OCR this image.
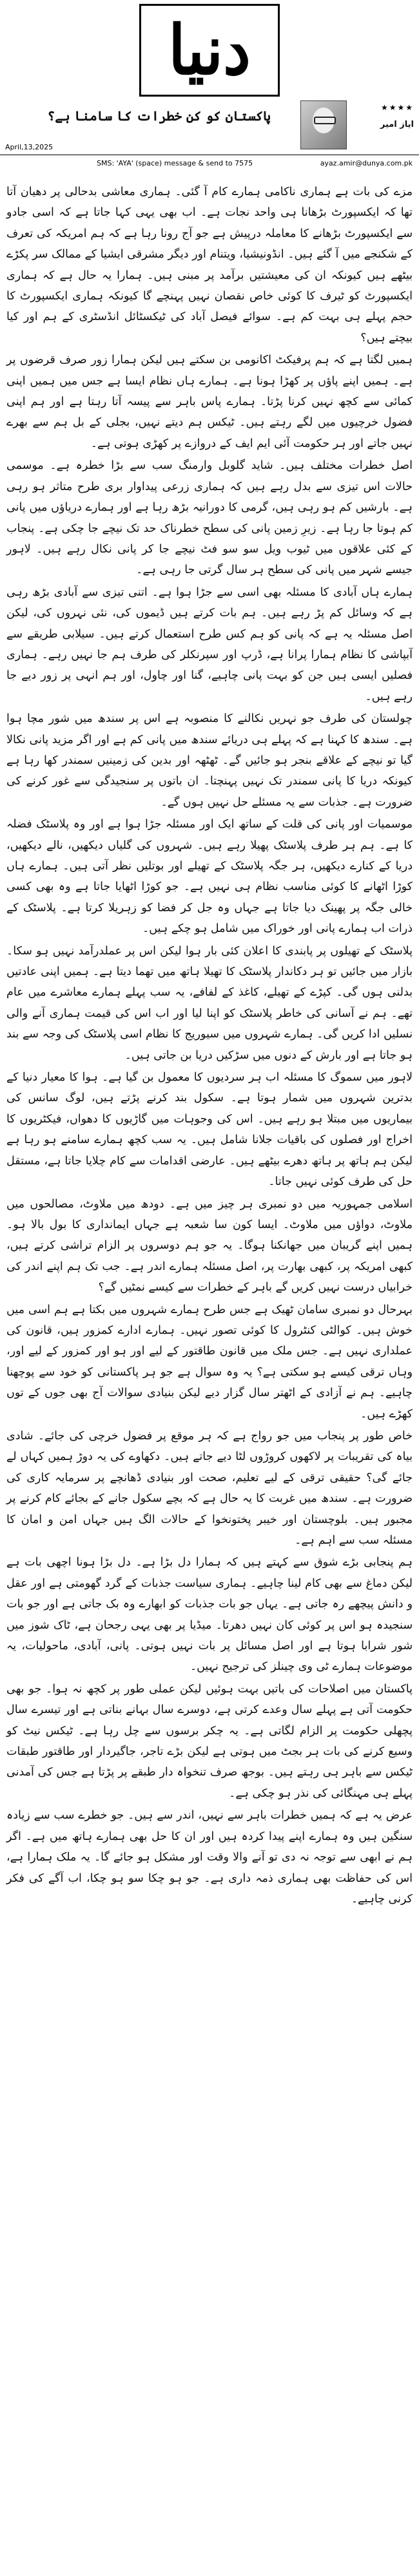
دنیا
پاکستان کو کن خطرات کا سامنا ہے؟
★★★★
ایاز امیر
April,13,2025
SMS: 'AYA' (space) message & send to 7575	ayaz.amir@dunya.com.pk

مزے کی بات ہے ہماری ناکامی ہمارے کام آ گئی۔ ہماری معاشی بدحالی پر دھیان آتا تھا کہ ایکسپورٹ بڑھانا ہی واحد نجات ہے۔ اب بھی یہی کہا جاتا ہے کہ اسی جادو سے ایکسپورٹ بڑھانے کا معاملہ درپیش ہے جو آج رونا رہا ہے کہ ہم امریکہ کی تعرف کے شکنجے میں آ گئے ہیں۔ انڈونیشیا، ویتنام اور دیگر مشرقی ایشیا کے ممالک سر پکڑے بیٹھے ہیں کیونکہ ان کی معیشتیں برآمد پر مبنی ہیں۔ ہمارا یہ حال ہے کہ ہماری ایکسپورٹ کو ٹیرف کا کوئی خاص نقصان نہیں پہنچے گا کیونکہ ہماری ایکسپورٹ کا حجم پہلے ہی بہت کم ہے۔ سوائے فیصل آباد کی ٹیکسٹائل انڈسٹری کے ہم اور کیا بیچتے ہیں؟

ہمیں لگتا ہے کہ ہم پرفیکٹ اکانومی بن سکتے ہیں لیکن ہمارا زور صرف قرضوں پر ہے۔ ہمیں اپنے پاؤں پر کھڑا ہونا ہے۔ ہمارے ہاں نظام ایسا ہے جس میں ہمیں اپنی کمائی سے کچھ نہیں کرنا پڑتا۔ ہمارے پاس باہر سے پیسہ آتا رہتا ہے اور ہم اپنی فضول خرچیوں میں لگے رہتے ہیں۔ ٹیکس ہم دیتے نہیں، بجلی کے بل ہم سے بھرے نہیں جاتے اور ہر حکومت آئی ایم ایف کے دروازے پر کھڑی ہوتی ہے۔

اصل خطرات مختلف ہیں۔ شاید گلوبل وارمنگ سب سے بڑا خطرہ ہے۔ موسمی حالات اس تیزی سے بدل رہے ہیں کہ ہماری زرعی پیداوار بری طرح متاثر ہو رہی ہے۔ بارشیں کم ہو رہی ہیں، گرمی کا دورانیہ بڑھ رہا ہے اور ہمارے دریاؤں میں پانی کم ہوتا جا رہا ہے۔ زیرِ زمین پانی کی سطح خطرناک حد تک نیچے جا چکی ہے۔ پنجاب کے کئی علاقوں میں ٹیوب ویل سو سو فٹ نیچے جا کر پانی نکال رہے ہیں۔ لاہور جیسے شہر میں پانی کی سطح ہر سال گرتی جا رہی ہے۔

ہمارے ہاں آبادی کا مسئلہ بھی اسی سے جڑا ہوا ہے۔ اتنی تیزی سے آبادی بڑھ رہی ہے کہ وسائل کم پڑ رہے ہیں۔ ہم بات کرتے ہیں ڈیموں کی، نئی نہروں کی، لیکن اصل مسئلہ یہ ہے کہ پانی کو ہم کس طرح استعمال کرتے ہیں۔ سیلابی طریقے سے آبپاشی کا نظام ہمارا پرانا ہے، ڈرپ اور سپرنکلر کی طرف ہم جا نہیں رہے۔ ہماری فصلیں ایسی ہیں جن کو بہت پانی چاہیے، گنا اور چاول، اور ہم انہی پر زور دیے جا رہے ہیں۔

چولستان کی طرف جو نہریں نکالنے کا منصوبہ ہے اس پر سندھ میں شور مچا ہوا ہے۔ سندھ کا کہنا ہے کہ پہلے ہی دریائے سندھ میں پانی کم ہے اور اگر مزید پانی نکالا گیا تو نیچے کے علاقے بنجر ہو جائیں گے۔ ٹھٹھہ اور بدین کی زمینیں سمندر کھا رہا ہے کیونکہ دریا کا پانی سمندر تک نہیں پہنچتا۔ ان باتوں پر سنجیدگی سے غور کرنے کی ضرورت ہے۔ جذبات سے یہ مسئلے حل نہیں ہوں گے۔

موسمیات اور پانی کی قلت کے ساتھ ایک اور مسئلہ جڑا ہوا ہے اور وہ پلاسٹک فضلہ کا ہے۔ ہم ہر طرف پلاسٹک پھیلا رہے ہیں۔ شہروں کی گلیاں دیکھیں، نالے دیکھیں، دریا کے کنارے دیکھیں، ہر جگہ پلاسٹک کے تھیلے اور بوتلیں نظر آتی ہیں۔ ہمارے ہاں کوڑا اٹھانے کا کوئی مناسب نظام ہی نہیں ہے۔ جو کوڑا اٹھایا جاتا ہے وہ بھی کسی خالی جگہ پر پھینک دیا جاتا ہے جہاں وہ جل کر فضا کو زہریلا کرتا ہے۔ پلاسٹک کے ذرات اب ہمارے پانی اور خوراک میں شامل ہو چکے ہیں۔

پلاسٹک کے تھیلوں پر پابندی کا اعلان کئی بار ہوا لیکن اس پر عملدرآمد نہیں ہو سکا۔ بازار میں جائیں تو ہر دکاندار پلاسٹک کا تھیلا ہاتھ میں تھما دیتا ہے۔ ہمیں اپنی عادتیں بدلنی ہوں گی۔ کپڑے کے تھیلے، کاغذ کے لفافے، یہ سب پہلے ہمارے معاشرے میں عام تھے۔ ہم نے آسانی کی خاطر پلاسٹک کو اپنا لیا اور اب اس کی قیمت ہماری آنے والی نسلیں ادا کریں گی۔ ہمارے شہروں میں سیوریج کا نظام اسی پلاسٹک کی وجہ سے بند ہو جاتا ہے اور بارش کے دنوں میں سڑکیں دریا بن جاتی ہیں۔

لاہور میں سموگ کا مسئلہ اب ہر سردیوں کا معمول بن گیا ہے۔ ہوا کا معیار دنیا کے بدترین شہروں میں شمار ہوتا ہے۔ سکول بند کرنے پڑتے ہیں، لوگ سانس کی بیماریوں میں مبتلا ہو رہے ہیں۔ اس کی وجوہات میں گاڑیوں کا دھواں، فیکٹریوں کا اخراج اور فصلوں کی باقیات جلانا شامل ہیں۔ یہ سب کچھ ہمارے سامنے ہو رہا ہے لیکن ہم ہاتھ پر ہاتھ دھرے بیٹھے ہیں۔ عارضی اقدامات سے کام چلایا جاتا ہے، مستقل حل کی طرف کوئی نہیں جاتا۔

اسلامی جمہوریہ میں دو نمبری ہر چیز میں ہے۔ دودھ میں ملاوٹ، مصالحوں میں ملاوٹ، دواؤں میں ملاوٹ۔ ایسا کون سا شعبہ ہے جہاں ایمانداری کا بول بالا ہو۔ ہمیں اپنے گریبان میں جھانکنا ہوگا۔ یہ جو ہم دوسروں پر الزام تراشی کرتے ہیں، کبھی امریکہ پر، کبھی بھارت پر، اصل مسئلہ ہمارے اندر ہے۔ جب تک ہم اپنے اندر کی خرابیاں درست نہیں کریں گے باہر کے خطرات سے کیسے نمٹیں گے؟

بہرحال دو نمبری سامان ٹھیک ہے جس طرح ہمارے شہروں میں بکتا ہے ہم اسی میں خوش ہیں۔ کوالٹی کنٹرول کا کوئی تصور نہیں۔ ہمارے ادارے کمزور ہیں، قانون کی عملداری نہیں ہے۔ جس ملک میں قانون طاقتور کے لیے اور ہو اور کمزور کے لیے اور، وہاں ترقی کیسے ہو سکتی ہے؟ یہ وہ سوال ہے جو ہر پاکستانی کو خود سے پوچھنا چاہیے۔ ہم نے آزادی کے اٹھتر سال گزار دیے لیکن بنیادی سوالات آج بھی جوں کے توں کھڑے ہیں۔

خاص طور پر پنجاب میں جو رواج ہے کہ ہر موقع پر فضول خرچی کی جائے۔ شادی بیاہ کی تقریبات پر لاکھوں کروڑوں لٹا دیے جاتے ہیں۔ دکھاوے کی یہ دوڑ ہمیں کہاں لے جائے گی؟ حقیقی ترقی کے لیے تعلیم، صحت اور بنیادی ڈھانچے پر سرمایہ کاری کی ضرورت ہے۔ سندھ میں غربت کا یہ حال ہے کہ بچے سکول جانے کے بجائے کام کرنے پر مجبور ہیں۔ بلوچستان اور خیبر پختونخوا کے حالات الگ ہیں جہاں امن و امان کا مسئلہ سب سے اہم ہے۔

ہم پنجابی بڑے شوق سے کہتے ہیں کہ ہمارا دل بڑا ہے۔ دل بڑا ہونا اچھی بات ہے لیکن دماغ سے بھی کام لینا چاہیے۔ ہماری سیاست جذبات کے گرد گھومتی ہے اور عقل و دانش پیچھے رہ جاتی ہے۔ یہاں جو بات جذبات کو ابھارے وہ بک جاتی ہے اور جو بات سنجیدہ ہو اس پر کوئی کان نہیں دھرتا۔ میڈیا پر بھی یہی رجحان ہے، ٹاک شوز میں شور شرابا ہوتا ہے اور اصل مسائل پر بات نہیں ہوتی۔ پانی، آبادی، ماحولیات، یہ موضوعات ہمارے ٹی وی چینلز کی ترجیح نہیں۔

پاکستان میں اصلاحات کی باتیں بہت ہوئیں لیکن عملی طور پر کچھ نہ ہوا۔ جو بھی حکومت آتی ہے پہلے سال وعدے کرتی ہے، دوسرے سال بہانے بناتی ہے اور تیسرے سال پچھلی حکومت پر الزام لگاتی ہے۔ یہ چکر برسوں سے چل رہا ہے۔ ٹیکس نیٹ کو وسیع کرنے کی بات ہر بجٹ میں ہوتی ہے لیکن بڑے تاجر، جاگیردار اور طاقتور طبقات ٹیکس سے باہر ہی رہتے ہیں۔ بوجھ صرف تنخواہ دار طبقے پر پڑتا ہے جس کی آمدنی پہلے ہی مہنگائی کی نذر ہو چکی ہے۔

عرض یہ ہے کہ ہمیں خطرات باہر سے نہیں، اندر سے ہیں۔ جو خطرے سب سے زیادہ سنگین ہیں وہ ہمارے اپنے پیدا کردہ ہیں اور ان کا حل بھی ہمارے ہاتھ میں ہے۔ اگر ہم نے ابھی سے توجہ نہ دی تو آنے والا وقت اور مشکل ہو جائے گا۔ یہ ملک ہمارا ہے، اس کی حفاظت بھی ہماری ذمہ داری ہے۔ جو ہو چکا سو ہو چکا، اب آگے کی فکر کرنی چاہیے۔
